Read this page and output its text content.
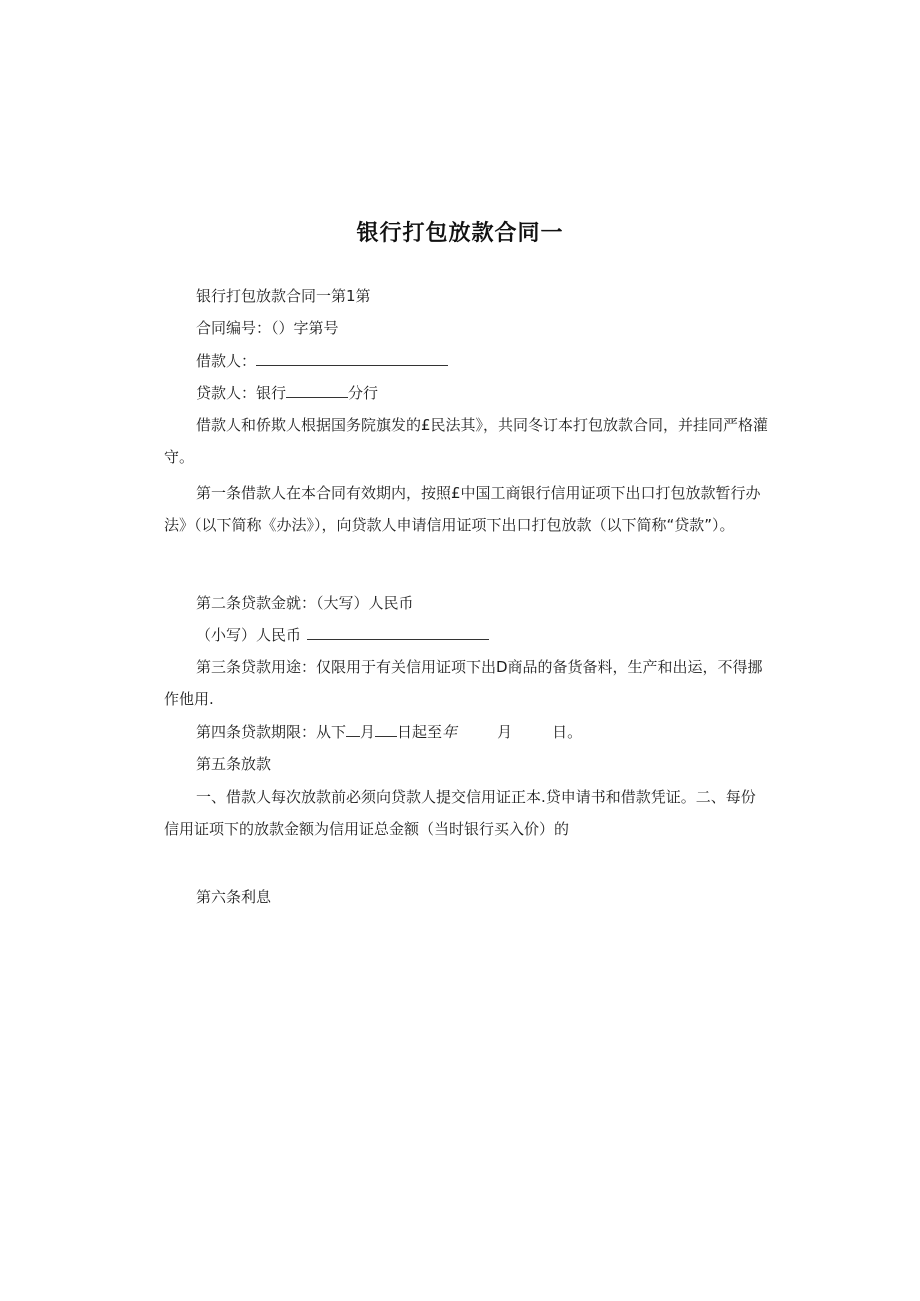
银行打包放款合同一
银行打包放款合同一第1第
合同编号：（）字第号
借款人：
贷款人：银行	分行
借款人和侨欺人根据国务院旗发的£民法其》，共同冬订本打包放款合同，并挂同严格灌守。
第一条借款人在本合同有效期内，按照£中国工商银行信用证项下出口打包放款暂行办法》（以下简称《办法》），向贷款人申请信用证项下出口打包放款（以下简称“贷款”）。
第二条贷款金就：（大写）人民币
（小写）人民币
第三条贷款用途：仅限用于有关信用证项下出D商品的备货备料，生产和出运，不得挪作他用.
第四条贷款期限：从下 月 日起至年	月	日。
第五条放款
一、借款人每次放款前必须向贷款人提交信用证正本.贷申请书和借款凭证。二、每份信用证项下的放款金额为信用证总金额（当时银行买入价）的
第六条利息
